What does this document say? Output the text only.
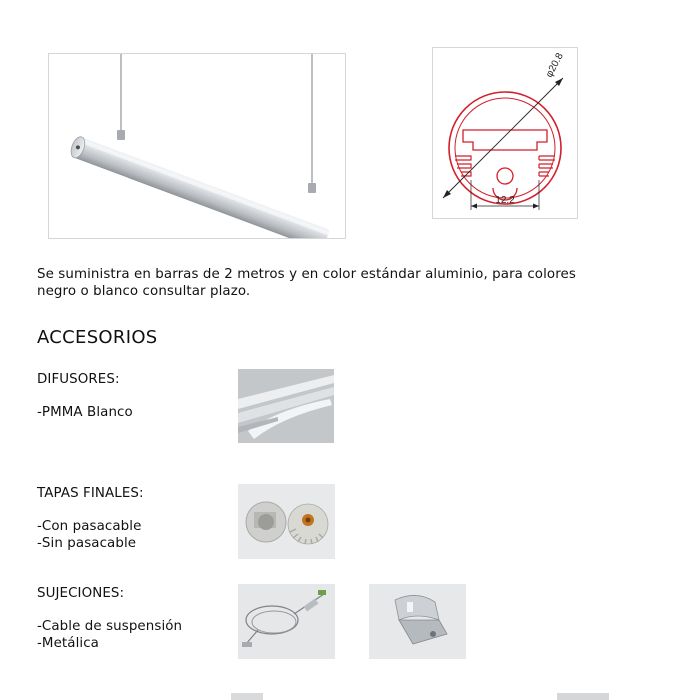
12.2
φ20.8
Se suministra en barras de 2 metros y en color estándar aluminio, para colores
negro o blanco consultar plazo.
ACCESORIOS
DIFUSORES:
-PMMA Blanco
TAPAS FINALES:
-Con pasacable
-Sin pasacable
SUJECIONES:
-Cable de suspensión
-Metálica
